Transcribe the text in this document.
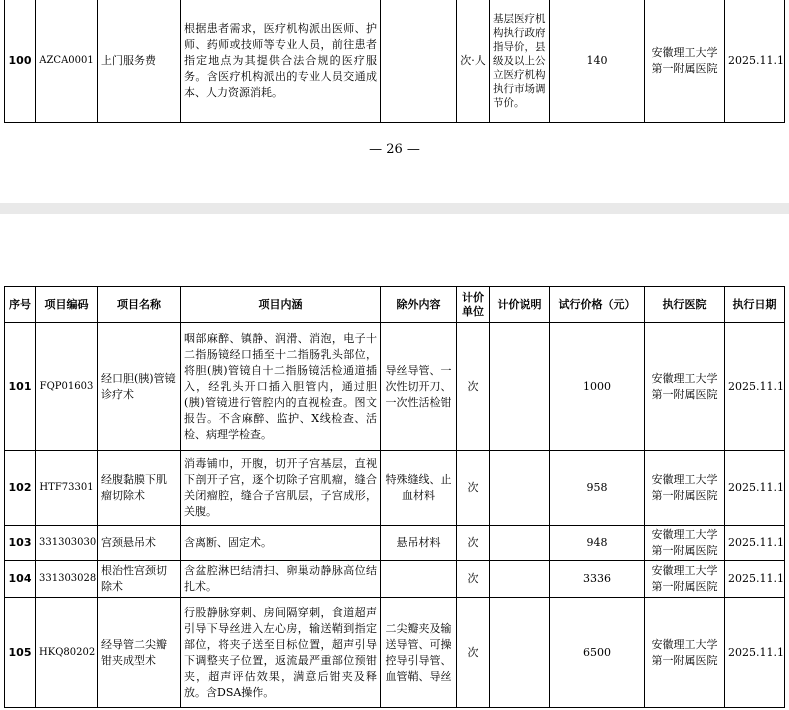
100	AZCA0001	上门服务费	根据患者需求，医疗机构派出医师、护师、药师或技师等专业人员，前往患者指定地点为其提供合法合规的医疗服务。含医疗机构派出的专业人员交通成本、人力资源消耗。		次·人	基层医疗机构执行政府指导价，县级及以上公立医疗机构执行市场调节价。	140	安徽理工大学第一附属医院	2025.11.1
— 26 —
序号	项目编码	项目名称	项目内涵	除外内容	计价单位	计价说明	试行价格（元）	执行医院	执行日期
101	FQP01603	经口胆(胰)管镜诊疗术	咽部麻醉、镇静、润滑、消泡，电子十二指肠镜经口插至十二指肠乳头部位，将胆(胰)管镜自十二指肠镜活检通道插入，经乳头开口插入胆管内，通过胆(胰)管镜进行管腔内的直视检查。图文报告。不含麻醉、监护、X线检查、活检、病理学检查。	导丝导管、一次性切开刀、一次性活检钳	次		1000	安徽理工大学第一附属医院	2025.11.1
102	HTF73301	经腹黏膜下肌瘤切除术	消毒铺巾，开腹，切开子宫基层，直视下剖开子宫，逐个切除子宫肌瘤，缝合关闭瘤腔，缝合子宫肌层，子宫成形，关腹。	特殊缝线、止血材料	次		958	安徽理工大学第一附属医院	2025.11.1
103	331303030	宫颈悬吊术	含离断、固定术。	悬吊材料	次		948	安徽理工大学第一附属医院	2025.11.1
104	331303028	根治性宫颈切除术	含盆腔淋巴结清扫、卵巢动静脉高位结扎术。		次		3336	安徽理工大学第一附属医院	2025.11.1
105	HKQ80202	经导管二尖瓣钳夹成型术	行股静脉穿刺、房间隔穿刺，食道超声引导下导丝进入左心房，输送鞘到指定部位，将夹子送至目标位置，超声引导下调整夹子位置，返流最严重部位预钳夹，超声评估效果，满意后钳夹及释放。含DSA操作。	二尖瓣夹及输送导管、可操控导引导管、血管鞘、导丝	次		6500	安徽理工大学第一附属医院	2025.11.1
